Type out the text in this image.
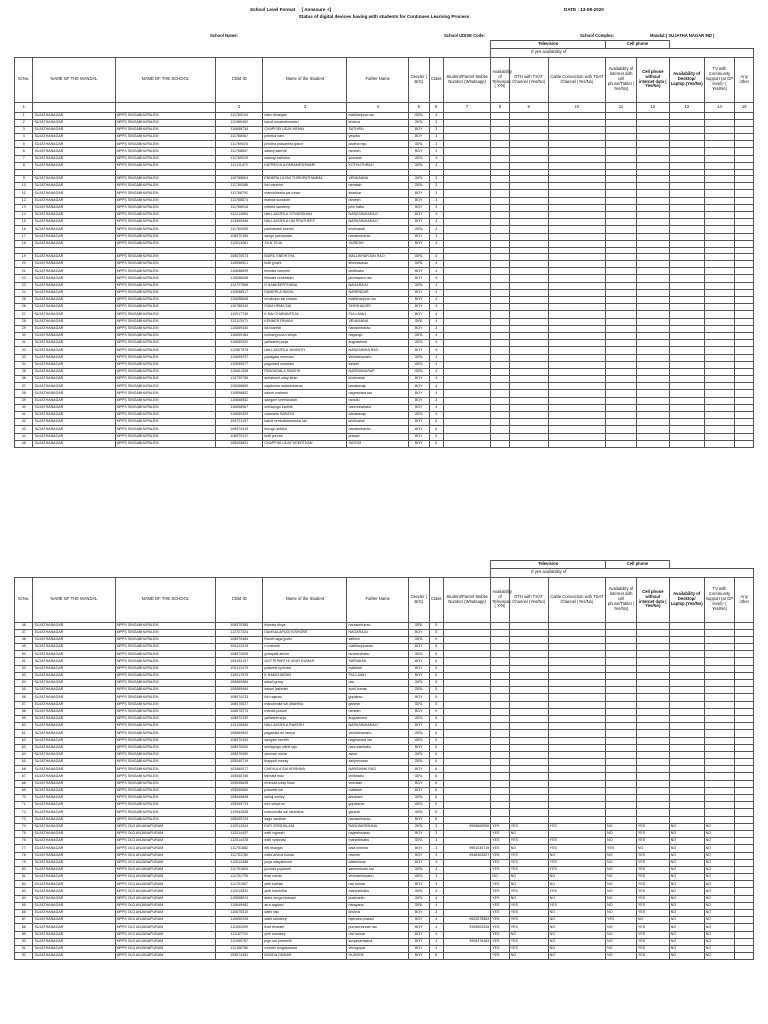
School Level Format [ Annexure -I]	DATE : 13-08-2020
Status of digital devices having with students for Continues Learning Process
School Name:	School UDISE Code:	School Complex:	Mandal:( SUJATHA NAGAR MD )
									Television			Cell phone				
									If yes availability of							
Sl.No.	NAME OF THE MANDAL	NAME OF THE SCHOOL	Child ID	Name of the Student	Father Name	Gender ( B/G)	Class	Student/Parent Mobile Number (Whatsapp)	Availability of Television ( Y/N)	DTH with TSAT Channel (Yes/No)	Cable Connection with TSAT Channel (Yes/No)	Availability of Internet with cell phone/Tablet ( Yes/No)	Cell phone without internet data ( Yes/No)	Availability of Desktop/ Laptop (Yes/No)	TV with Community support (at GP level)- ( Yes/No)	Any other
1			2	3	4	5	6	7	8	9	10	11	12	13	14	15
1	SUJATHANAGAR	MPPS SINGABHUPALEM	111769194	bairu bhargavi	mallikarjuna rao	GIRL	3									
2	SUJATHANAGAR	MPPS SINGABHUPALEM	111389452	bandi umamaheswari	krishna	GIRL	3									
3	SUJATHANAGAR	MPPS SINGABHUPALEM	110658734	CHAPPIDI UDAY KIRAN	SATHISH	BOY	3									
4	SUJATHANAGAR	MPPS SINGABHUPALEM	111768467	jorintha nani	yesobu	BOY	3									
5	SUJATHANAGAR	MPPS SINGABHUPALEM	111769025	jorintha prasantha grace	padma raju	GIRL	3									
6	SUJATHANAGAR	MPPS SINGABHUPALEM	111768847	salanji sathvik	ramesh	BOY	3									
7	SUJATHANAGAR	MPPS SINGABHUPALEM	111769315	salangi sathvika	somaiah	GIRL	3									
8	SUJATHANAGAR	MPPS SINGABHUPALEM	112111472	KATREVULA PARAMESHWARI	KOTHUTHRAO	GIRL	3									

9	SUJATHANAGAR	MPPS SINGABHUPALEM	110788664	ENNERA LAXMI THIRUPATHAMMA	VENKANNA	GIRL	3									
10	SUJATHANAGAR	MPPS SINGABHUPALEM	111769386	ikki varshini	ramaiah	GIRL	3									
11	SUJATHANAGAR	MPPS SINGABHUPALEM	111768752	manchineela sai rohan	shankar	BOY	3									
12	SUJATHANAGAR	MPPS SINGABHUPALEM	111768574	manda sumanth	ramesh	BOY	3									
13	SUJATHANAGAR	MPPS SINGABHUPALEM	111768918	nettela sandeep	john babu	BOY	3									
14	SUJATHANAGAR	MPPS SINGABHUPALEM	112214564	NALLAGORLA GOVARDHAN	NARASIMHARAO	BOY	3									
15	SUJATHANAGAR	MPPS SINGABHUPALEM	113550496	NALLAGORLA OM PRATHEEP	NARASIMHARAO	BOY	3									
16	SUJATHANAGAR	MPPS SINGABHUPALEM	111769255	pachabanti keerthi	krishnaiah	GIRL	3									
17	SUJATHANAGAR	MPPS SINGABHUPALEM	108570169	sangu yashandar	narasimharao	BOY	3									
18	SUJATHANAGAR	MPPS SINGABHUPALEM	112013081	SILN TEJA	SURESH	BOY	3									

19	SUJATHANAGAR	MPPS SINGABHUPALEM	108570073	BAIRU SNEHITHA	MALLIKHARJUN RAO	GIRL	4									
20	SUJATHANAGAR	MPPS SINGABHUPALEM	110658921	butti jyoshi	srinivasarao	GIRL	4									
21	SUJATHANAGAR	MPPS SINGABHUPALEM	110658699	thimata varshith	chittibabu	BOY	4									
22	SUJATHANAGAR	MPPS SINGABHUPALEM	110658058	thimata venkatesh	jaiveswara rao	BOY	4									
23	SUJATHANAGAR	MPPS SINGABHUPALEM	112727088	D SANKEERTHANA	NAGARAJU	GIRL	4									
24	SUJATHANAGAR	MPPS SINGABHUPALEM	110658517	DAMERLA NIKHIL	NARENDAR	BOY	4									
25	SUJATHANAGAR	MPPS SINGABHUPALEM	110658698	erraboina sai charan	mallikharjuna rao	BOY	4									
26	SUJATHANAGAR	MPPS SINGABHUPALEM	110788340	ISAM HEMA SAI	SHESHAGIRI	BOY	4									
27	SUJATHANAGAR	MPPS SINGABHUPALEM	110917735	K SAI CHARANTEJA	PULLAIAH	BOY	4									
28	SUJATHANAGAR	MPPS SINGABHUPALEM	112113071	KENNER PAVANI	VENKANNA	GIRL	4									
29	SUJATHANAGAR	MPPS SINGABHUPALEM	110659340	ikki karthik	narasimharao	BOY	4									
30	SUJATHANAGAR	MPPS SINGABHUPALEM	110659184	mohanjyovvu ramya	nagaraju	GIRL	4									
31	SUJATHANAGAR	MPPS SINGABHUPALEM	110659292	yalladetti pooja	augusteene	GIRL	4									
32	SUJATHANAGAR	MPPS SINGABHUPALEM	112567978	NALLAGORLA JAYANTH	NARASIMHA RAO	BOY	4									
33	SUJATHANAGAR	MPPS SINGABHUPALEM	110659237	padagala sreevani	venkateswarlu	GIRL	4									
34	SUJATHANAGAR	MPPS SINGABHUPALEM	110659377	pagodala usharani	saladri	GIRL	4									
35	SUJATHANAGAR	MPPS SINGABHUPALEM	110661308	PASGADALA SWATHI	NARSIMHARAP	GIRL	4									
36	SUJATHANAGAR	MPPS SINGABHUPALEM	110739758	achabanti uday kiran	krishnaiah	BOY	4									
37	SUJATHANAGAR	MPPS SINGABHUPALEM	110658869	sajaboina narasimharao	banakaraju	BOY	4									
38	SUJATHANAGAR	MPPS SINGABHUPALEM	110658802	sannri mahesh	nageswara rao	BOY	4									
39	SUJATHANAGAR	MPPS SINGABHUPALEM	110658552	sangam seetharaiah	ramulu	BOY	4									
40	SUJATHANAGAR	MPPS SINGABHUPALEM	110658967	seelapogu karthik	narendrababu	BOY	4									
41	SUJATHANAGAR	MPPS SINGABHUPALEM	110659429	usamalla SARAYU	banakaraju	GIRL	4									
42	SUJATHANAGAR	MPPS SINGABHUPALEM	105721197	bandi venkataramanna rao	krishnaiah	BOY	5									
43	SUJATHANAGAR	MPPS SINGABHUPALEM	108570415	burugu siddhu	narasimharao	BOY	5									
44	SUJATHANAGAR	MPPS SINGABHUPALEM	108570117	butti jeevan	prasad	BOY	5									
45	SUJATHANAGAR	MPPS SINGABHUPALEM	105545651	CHAPPIDI UDAY KEERTHAN	SATISH	BOY	5									
									Television			Cell phone				
									If yes availability of							
Sl.No.	NAME OF THE MANDAL	NAME OF THE SCHOOL	Child ID	Name of the Student	Father Name	Gender ( B/G)	Class	Student/Parent Mobile Number (Whatsapp)	Availability of Television ( Y/N)	DTH with TSAT Channel (Yes/No)	Cable Connection with TSAT Channel (Yes/No)	Availability of Internet with cell phone/Tablet ( Yes/No)	Cell phone without internet data ( Yes/No)	Availability of Desktop/ Laptop (Yes/No)	TV with Community support (at GP level)- ( Yes/No)	Any other
46	SUJATHANAGAR	MPPS SINGABHUPALEM	108570385	thimata divya	narasimharao	GIRL	5									
47	SUJATHANAGAR	MPPS SINGABHUPALEM	112727324	DAMSALAPUDI KISHORE	NAGARAJU	BOY	5									
48	SUJATHANAGAR	MPPS SINGABHUPALEM	108570484	Bandi naga jyothi	sathish	GIRL	5									
49	SUJATHANAGAR	MPPS SINGABHUPALEM	109112419	n mahesh	mallikarjunarao	BOY	5									
50	SUJATHANAGAR	MPPS SINGABHUPALEM	108570005	gollapalli akhila	ramesh/babu	GIRL	5									
51	SUJATHANAGAR	MPPS SINGABHUPALEM	109152197	GOTTEPARTHI UDAY KUMAR	SARVAIAH	BOY	5									
52	SUJATHANAGAR	MPPS SINGABHUPALEM	109112470	judiwetti upendar	mallaiah	BOY	5									
53	SUJATHANAGAR	MPPS SINGABHUPALEM	110917579	K RAMCHARAN	PULLAIAH	BOY	5									
54	SUJATHANAGAR	MPPS SINGABHUPALEM	108569984	sakali gracy	ravi	GIRL	5									
55	SUJATHANAGAR	MPPS SINGABHUPALEM	108569964	sakari jashmini	sunil kumar	GIRL	5									
56	SUJATHANAGAR	MPPS SINGABHUPALEM	108570233	ikki rajarao	gopalrao	BOY	5									
57	SUJATHANAGAR	MPPS SINGABHUPALEM	108570027	manchinilla sai dikshitha	ganesh	GIRL	5									
58	SUJATHANAGAR	MPPS SINGABHUPALEM	108570274	manda pravek	ramesh	BOY	5									
59	SUJATHANAGAR	MPPS SINGABHUPALEM	108570192	yalladetti srija	augusteene	GIRL	5									
60	SUJATHANAGAR	MPPS SINGABHUPALEM	113128300	NALLAGORLA RAKESH	NARASIMHARAO	BOY	5									
61	SUJATHANAGAR	MPPS SINGABHUPALEM	108569942	pagadala sri ramya	venkateswarlu	GIRL	5									
62	SUJATHANAGAR	MPPS SINGABHUPALEM	108570434	sangam keerthi	nageswara rao	GIRL	5									
63	SUJATHANAGAR	MPPS SINGABHUPALEM	108570052	seelapogu nikhil raju	narendarbabu	BOY	5									
64	SUJATHANAGAR	MPPS SINGABHUPALEM	108570050	yennam nisha	assur	GIRL	5									
65	SUJATHANAGAR	MPPS SINGABHUPALEM	105545719	thappidi messy	sanjeevarao	GIRL	6									
66	SUJATHANAGAR	MPPS SINGABHUPALEM	103460077	CHEVULA SAI KRISHNA	NARSIMHA RAO	BOY	6									
67	SUJATHANAGAR	MPPS SINGABHUPALEM	105545765	thimata indu	chittibabu	GIRL	6									
68	SUJATHANAGAR	MPPS SINGABHUPALEM	105545638	erumula uday kiran	veeraiah	BOY	6									
69	SUJATHANAGAR	MPPS SINGABHUPALEM	105545680	judiwetti sai	mallaiah	BOY	6									
70	SUJATHANAGAR	MPPS SINGABHUPALEM	105545698	kalloji smiley	abraham	GIRL	6									
71	SUJATHANAGAR	MPPS SINGABHUPALEM	105545733	ikki ramya sri	gopalarao	GIRL	6									
72	SUJATHANAGAR	MPPS SINGABHUPALEM	110942638	manchinilla sai rakshitha	ganesh	GIRL	6									
73	SUJATHANAGAR	MPPS SINGABHUPALEM	105545709	sago vardhan	narasimharao	BOY	6									
74	SUJATHANAGAR	MPPS OLD ANJANAPURAM	112014344	EATI SRISHALANI	RADHAKRISHNA	GIRL	3	9908669056	YES	YES	YES	NO	YES	NO	NO	
75	SUJATHANAGAR	MPPS OLD ANJANAPURAM	112014437	eatti vignesh	nageshwarao	BOY	3		YES	NO		NO	YES	NO	NO	
76	SUJATHANAGAR	MPPS OLD ANJANAPURAM	112014478	eatti vyshnavi	maheshbabu	GIRL	3		YES	YES	YES	NO	YES	NO	NO	
77	SUJATHANAGAR	MPPS OLD ANJANAPURAM	111751882	etti bhargav	bala krishna	BOY	3	9951030719	YES	NO	YES	YES	NO	NO	NO	
78	SUJATHANAGAR	MPPS OLD ANJANAPURAM	111751780	eatta arvind kumar	ravinter	BOY	3	9948303527	YES	YES	NO	NO	YES	NO	NO	
79	SUJATHANAGAR	MPPS OLD ANJANAPURAM	112014388	junja udaykishore	bakeshwar	BOY	3		YES	YES	YES	NO	YES	NO	NO	
80	SUJATHANAGAR	MPPS OLD ANJANAPURAM	111751854	juvvaini pujasree	saireeshwar rao	GIRL	3		YES	YES	YES	NO	YES	NO	NO	
81	SUJATHANAGAR	MPPS OLD ANJANAPURAM	111751735	thati nandu	venkateshwarlu	GIRL	3		NO	NO	NO	NO	YES	NO	NO	
82	SUJATHANAGAR	MPPS OLD ANJANAPURAM	111751957	yetti sathish	ravi kumar	BOY	3		YES	NO	NO	NO	YES	NO	NO	
83	SUJATHANAGAR	MPPS OLD ANJANAPURAM	112014532	yetti harshitha	maheshbabu	GIRL	3		YES	YES	YES	NO	YES	NO	NO	
84	SUJATHANAGAR	MPPS OLD ANJANAPURAM	110658024	abba durga bhavani	prashanth	GIRL	4		YES	NO	NO	NO	YES	NO	NO	
85	SUJATHANAGAR	MPPS OLD ANJANAPURAM	110649982	arra raghavi	narayana	GIRL	4		YES	YES	YES	NO	YES	NO	NO	
86	SUJATHANAGAR	MPPS OLD ANJANAPURAM	110675310	dathi raju	krishna	BOY	4		YES	YES	NO	NO	YES	NO	NO	
87	SUJATHANAGAR	MPPS OLD ANJANAPURAM	110650205	dathi sandeep	rajendra prasad	BOY	4	9502675563	YES	YES	NO	YES	NO	NO	NO	
88	SUJATHANAGAR	MPPS OLD ANJANAPURAM	111052599	thati bharath	purnachandar rao	BOY	4	9305503328	YES	YES	NO	NO	YES	NO	NO	
89	SUJATHANAGAR	MPPS OLD ANJANAPURAM	111157703	yetti sandeep	ravi kumar	BOY	4		YES	NO	NO	NO	YES	NO	NO	
90	SUJATHANAGAR	MPPS OLD ANJANAPURAM	111050767	jegu sai praneeth	suryanarayana	BOY	4	9908376483	YES	YES	NO	NO	YES	NO	NO	
91	SUJATHANAGAR	MPPS OLD ANJANAPURAM	112166766	mukithi durgaprasad	venugopal	BOY	4		YES	YES	NO	NO	YES	NO	NO	
92	SUJATHANAGAR	MPPS OLD ANJANAPURAM	105574352	BODDA OMKAR	HUSSEN	BOY	6		YES	NO	NO	NO	YES	NO	NO	
